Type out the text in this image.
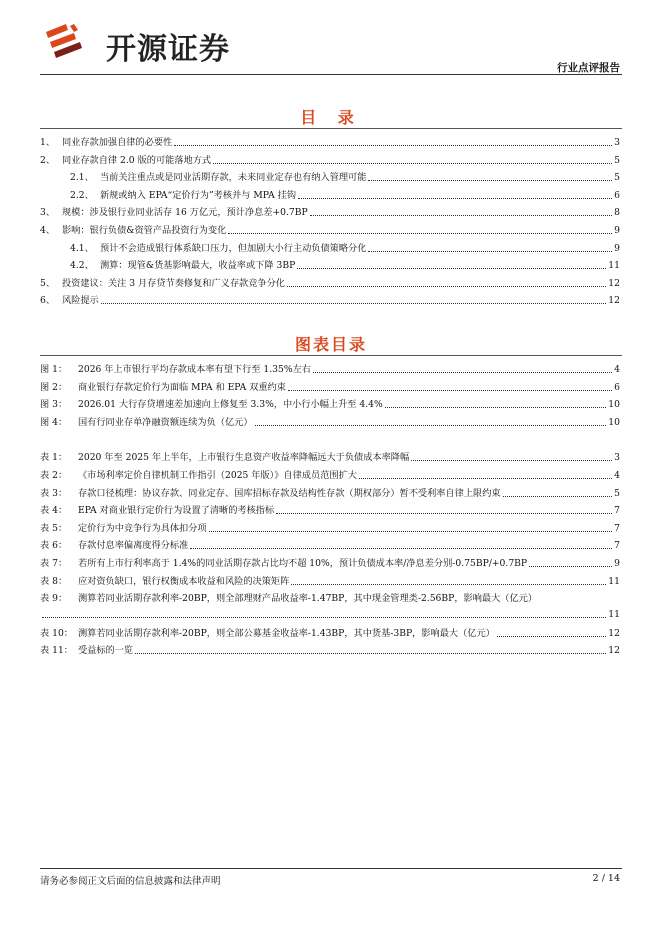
开源证券
行业点评报告
目 录
1、 同业存款加强自律的必要性	3
2、 同业存款自律 2.0 版的可能落地方式	5
2.1、 当前关注重点或是同业活期存款，未来同业定存也有纳入管理可能	5
2.2、 新规或纳入 EPA“定价行为”考核并与 MPA 挂钩	6
3、 规模：涉及银行业同业活存 16 万亿元，预计净息差+0.7BP	8
4、 影响：银行负债&资管产品投资行为变化	9
4.1、 预计不会造成银行体系缺口压力，但加剧大小行主动负债策略分化	9
4.2、 测算：现管&货基影响最大，收益率或下降 3BP	11
5、 投资建议：关注 3 月存贷节奏修复和广义存款竞争分化	12
6、 风险提示	12
图表目录
图 1：	2026 年上市银行平均存款成本率有望下行至 1.35%左右	4
图 2：	商业银行存款定价行为面临 MPA 和 EPA 双重约束	6
图 3：	2026.01 大行存贷增速差加速向上修复至 3.3%，中小行小幅上升至 4.4%	10
图 4：	国有行同业存单净融资额连续为负（亿元）	10
表 1：	2020 年至 2025 年上半年，上市银行生息资产收益率降幅远大于负债成本率降幅	3
表 2：	《市场利率定价自律机制工作指引（2025 年版）》自律成员范围扩大	4
表 3：	存款口径梳理：协议存款、同业定存、国库招标存款及结构性存款（期权部分）暂不受利率自律上限约束	5
表 4：	EPA 对商业银行定价行为设置了清晰的考核指标	7
表 5：	定价行为中竞争行为具体扣分项	7
表 6：	存款付息率偏离度得分标准	7
表 7：	若所有上市行利率高于 1.4%的同业活期存款占比均不超 10%，预计负债成本率/净息差分别-0.75BP/+0.7BP	9
表 8：	应对资负缺口，银行权衡成本收益和风险的决策矩阵	11
表 9：	测算若同业活期存款利率-20BP，则全部理财产品收益率-1.47BP，其中现金管理类-2.56BP，影响最大（亿元）
11
表 10： 测算若同业活期存款利率-20BP，则全部公募基金收益率-1.43BP，其中货基-3BP，影响最大（亿元）	12
表 11： 受益标的一览	12
请务必参阅正文后面的信息披露和法律声明	2 / 14
